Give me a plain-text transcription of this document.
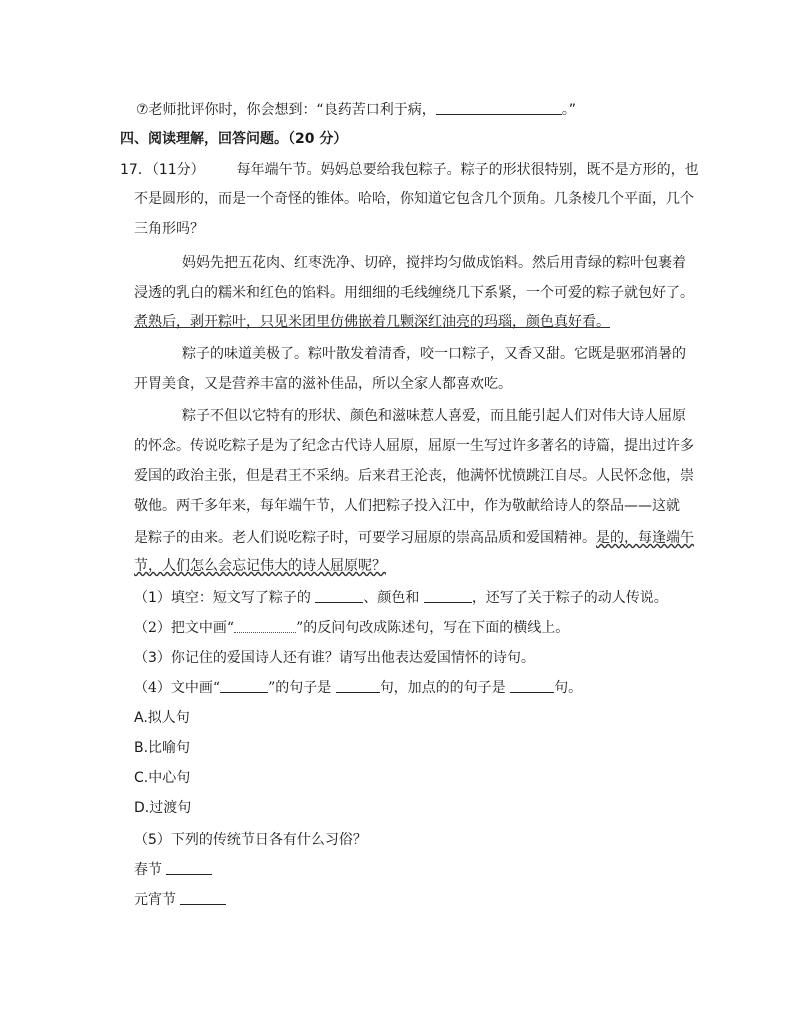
⑦老师批评你时，你会想到：“良药苦口利于病，	。”
四、阅读理解，回答问题。（20 分）
17．（11分） 每年端午节。妈妈总要给我包粽子。粽子的形状很特别，既不是方形的，也
不是圆形的，而是一个奇怪的锥体。哈哈，你知道它包含几个顶角。几条棱几个平面，几个
三角形吗？
妈妈先把五花肉、红枣洗净、切碎，搅拌均匀做成馅料。然后用青绿的粽叶包裹着
浸透的乳白的糯米和红色的馅料。用细细的毛线缠绕几下系紧，一个可爱的粽子就包好了。
煮熟后，剥开粽叶，只见米团里仿佛嵌着几颗深红油亮的玛瑙，颜色真好看。
粽子的味道美极了。粽叶散发着清香，咬一口粽子，又香又甜。它既是驱邪消暑的
开胃美食，又是营养丰富的滋补佳品，所以全家人都喜欢吃。
粽子不但以它特有的形状、颜色和滋味惹人喜爱，而且能引起人们对伟大诗人屈原
的怀念。传说吃粽子是为了纪念古代诗人屈原，屈原一生写过许多著名的诗篇，提出过许多
爱国的政治主张，但是君王不采纳。后来君王沦丧，他满怀忧愤跳江自尽。人民怀念他，崇
敬他。两千多年来，每年端午节，人们把粽子投入江中，作为敬献给诗人的祭品——这就
是粽子的由来。老人们说吃粽子时，可要学习屈原的崇高品质和爱国精神。是的，每逢端午
节，人们怎么会忘记伟大的诗人屈原呢？
（1）填空：短文写了粽子的	、颜色和	，还写了关于粽子的动人传说。
（2）把文中画“	”的反问句改成陈述句，写在下面的横线上。
（3）你记住的爱国诗人还有谁？请写出他表达爱国情怀的诗句。
（4）文中画“	”的句子是	句，加点的的句子是	句。
A.拟人句
B.比喻句
C.中心句
D.过渡句
（5）下列的传统节日各有什么习俗？
春节
元宵节
